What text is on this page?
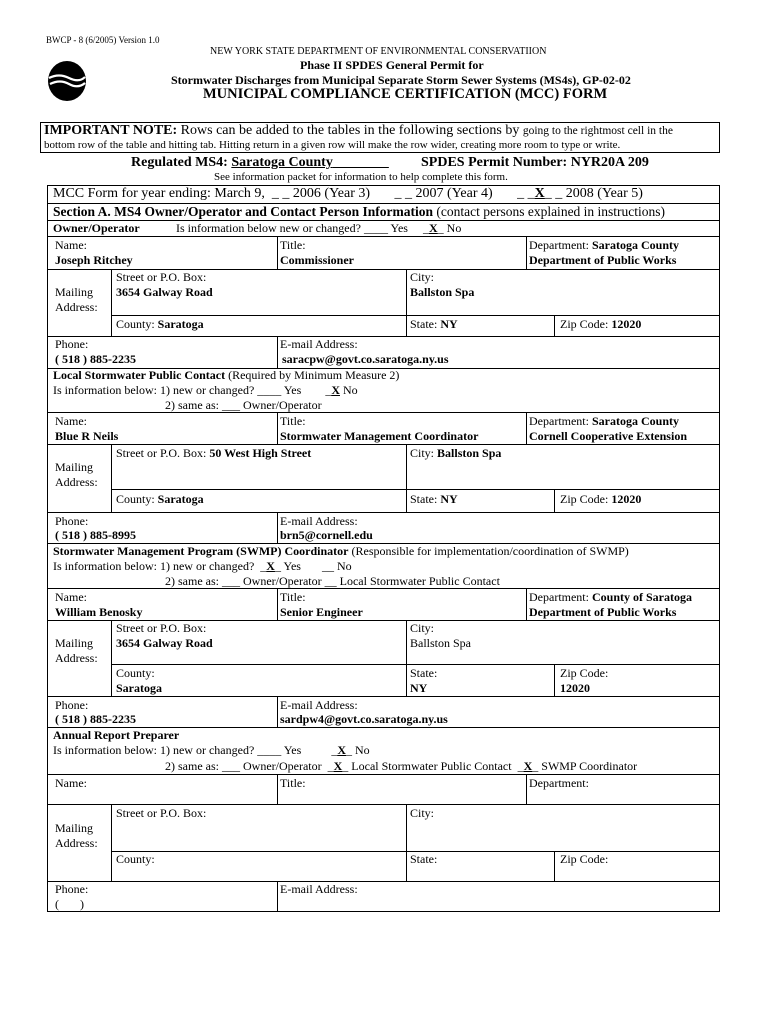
BWCP - 8 (6/2005) Version 1.0
NEW YORK STATE DEPARTMENT OF ENVIRONMENTAL CONSERVATIION
Phase II SPDES General Permit for
Stormwater Discharges from Municipal Separate Storm Sewer Systems (MS4s), GP-02-02
MUNICIPAL COMPLIANCE CERTIFICATION (MCC) FORM
IMPORTANT NOTE: Rows can be added to the tables in the following sections by going to the rightmost cell in the
bottom row of the table and hitting tab. Hitting return in a given row will make the row wider, creating more room to type or write.
Regulated MS4: Saratoga County	SPDES Permit Number: NYR20A 209
See information packet for information to help complete this form.
MCC Form for year ending: March 9,  _ _ 2006 (Year 3)       _ _ 2007 (Year 4)       _ _X_ _ 2008 (Year 5)
Section A. MS4 Owner/Operator and Contact Person Information (contact persons explained in instructions)
Owner/Operator	Is information below new or changed? ____ Yes _X_ No
Name:
Joseph Ritchey
Title:
Commissioner
Department: Saratoga County
Department of Public Works
Mailing
Address:
Street or P.O. Box:
3654 Galway Road
City:
Ballston Spa
County: Saratoga	State: NY	Zip Code: 12020
Phone:
( 518 ) 885-2235
E-mail Address:
saracpw@govt.co.saratoga.ny.us
Local Stormwater Public Contact (Required by Minimum Measure 2)
Is information below: 1) new or changed? ____ Yes _X No
2) same as: ___ Owner/Operator
Name:
Blue R Neils
Title:
Stormwater Management Coordinator
Department: Saratoga County
Cornell Cooperative Extension
Mailing
Address:
Street or P.O. Box: 50 West High Street	City: Ballston Spa
County: Saratoga	State: NY	Zip Code: 12020
Phone:
( 518 ) 885-8995
E-mail Address:
brn5@cornell.edu
Stormwater Management Program (SWMP) Coordinator (Responsible for implementation/coordination of SWMP)
Is information below: 1) new or changed? _X_ Yes __ No
2) same as: ___ Owner/Operator __ Local Stormwater Public Contact
Name:
William Benosky
Title:
Senior Engineer
Department: County of Saratoga
Department of Public Works
Mailing
Address:
Street or P.O. Box:
3654 Galway Road
City:
Ballston Spa
County:
Saratoga
State:
NY
Zip Code:
12020
Phone:
( 518 ) 885-2235
E-mail Address:
sardpw4@govt.co.saratoga.ny.us
Annual Report Preparer
Is information below: 1) new or changed? ____ Yes	_X_ No
2) same as: ___ Owner/Operator _X_ Local Stormwater Public Contact _X_ SWMP Coordinator
Name:	Title:	Department:
Mailing
Address:
Street or P.O. Box:	City:
County:	State:	Zip Code:
Phone:
(       )
E-mail Address:
